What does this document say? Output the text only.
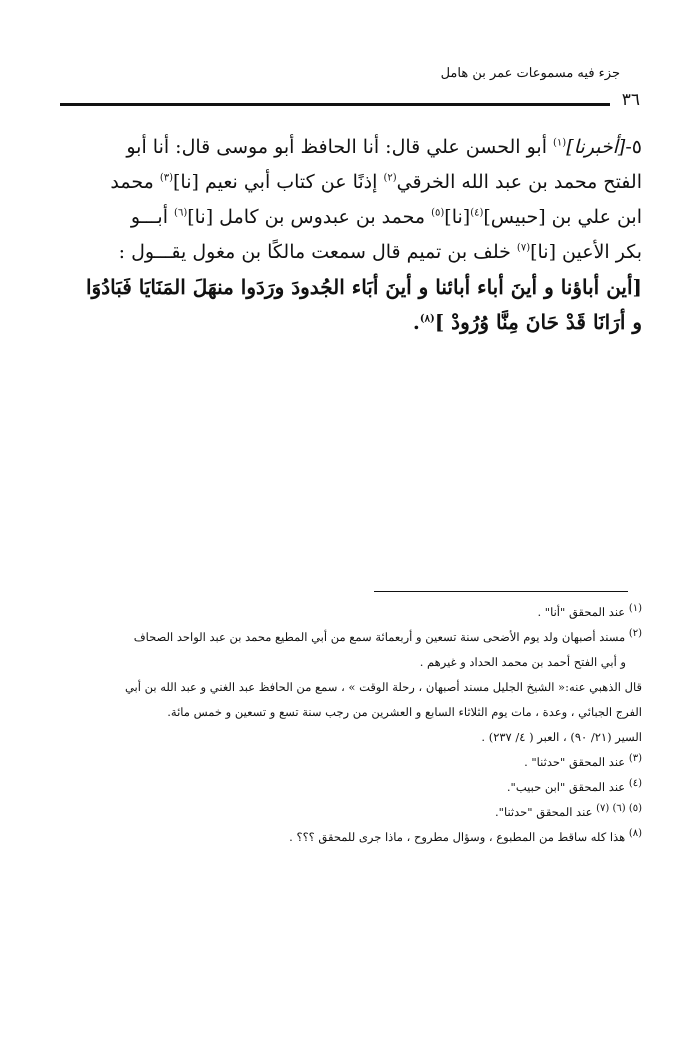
جزء فيه مسموعات عمر بن هامل
٣٦
٥-[أخبرنا]$^{(١)}$ أبو الحسن علي قال: أنا الحافظ أبو موسى قال: أنا أبو
الفتح محمد بن عبد الله الخرقي$^{(٢)}$ إذنًا عن كتاب أبي نعيم [نا]$^{(٣)}$ محمد
ابن علي بن [حبيس]$^{(٤)}$[نا]$^{(٥)}$ محمد بن عبدوس بن كامل [نا]$^{(٦)}$ أبـــو
بكر الأعين [نا]$^{(٧)}$ خلف بن تميم قال سمعت مالكًا بن مغول يقـــول :
[أين أباؤنا و أينَ أباء أبائنا و أينَ أبَاء الجُدودَ ورَدَوا منهَلَ المَنَايَا فَبَادُوَا
و أرَانَا قَدْ حَانَ مِنَّا وُرُودْ ]$^{(٨)}$.
$^{(١)}$ عند المحقق "أنا" .
$^{(٢)}$ مسند أصبهان ولد يوم الأضحى سنة تسعين و أربعمائة سمع من أبي المطيع محمد بن عبد الواحد الصحاف
و أبي الفتح أحمد بن محمد الحداد و غيرهم .
قال الذهبي عنه:« الشيخ الجليل مسند أصبهان ، رحلة الوقت » ، سمع من الحافظ عبد الغني و عبد الله بن أبي
الفرج الجبائي ، وعدة ، مات يوم الثلاثاء السابع و العشرين من رجب سنة تسع و تسعين و خمس مائة.
السير (٢١/ ٩٠) ، العبر ( ٤/ ٢٣٧) .
$^{(٣)}$ عند المحقق "حدثنا" .
$^{(٤)}$ عند المحقق "ابن حبيب".
$^{(٥) (٦) (٧)}$ عند المحقق "حدثنا".
$^{(٨)}$ هذا كله ساقط من المطبوع ، وسؤال مطروح ، ماذا جرى للمحقق ؟؟؟ .
